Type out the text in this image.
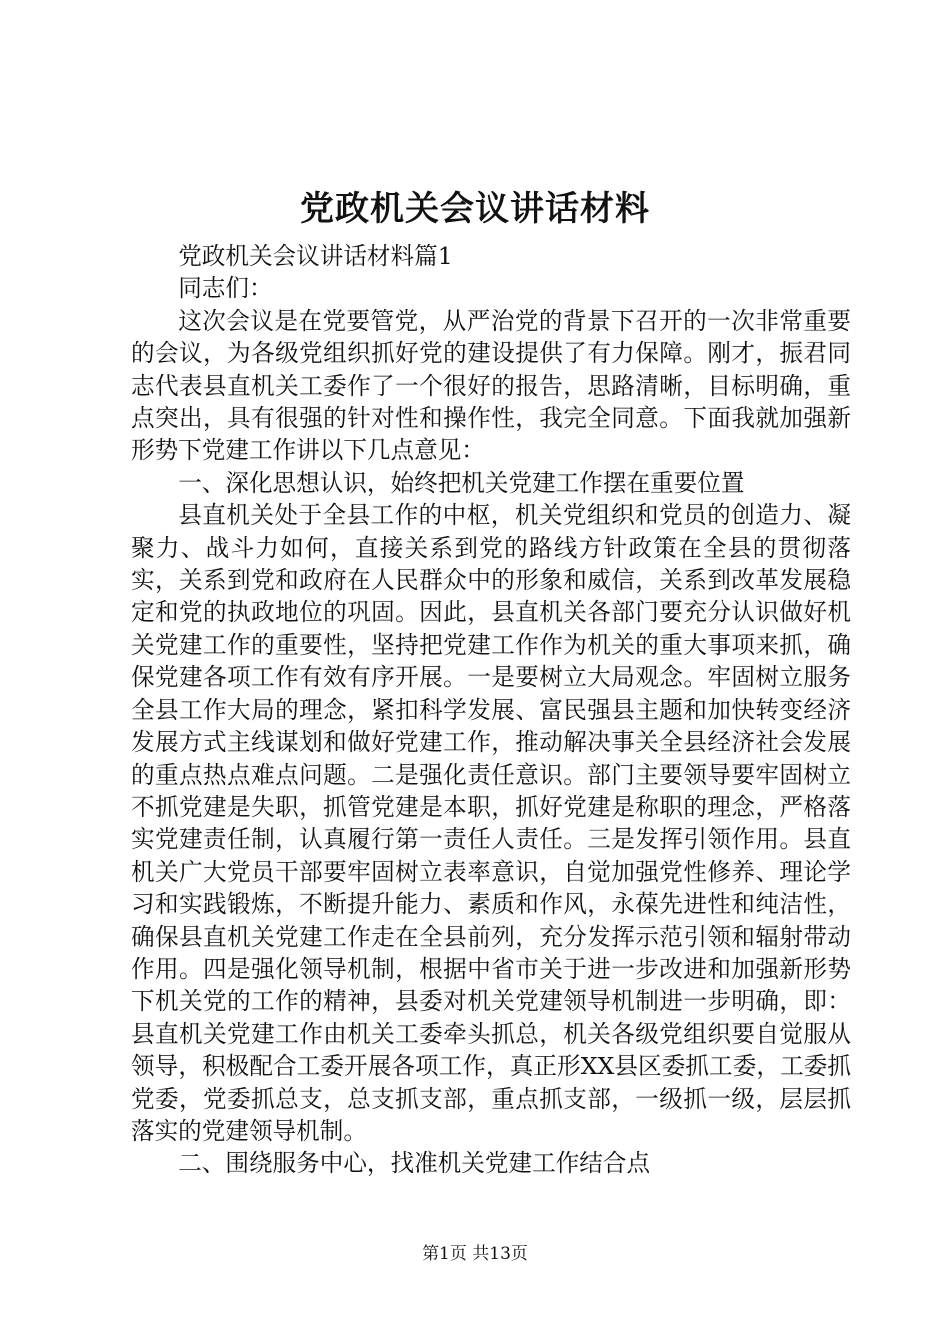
党政机关会议讲话材料

党政机关会议讲话材料篇1

同志们：

这次会议是在党要管党，从严治党的背景下召开的一次非常重要的会议，为各级党组织抓好党的建设提供了有力保障。刚才，振君同志代表县直机关工委作了一个很好的报告，思路清晰，目标明确，重点突出，具有很强的针对性和操作性，我完全同意。下面我就加强新形势下党建工作讲以下几点意见：

一、深化思想认识，始终把机关党建工作摆在重要位置

县直机关处于全县工作的中枢，机关党组织和党员的创造力、凝聚力、战斗力如何，直接关系到党的路线方针政策在全县的贯彻落实，关系到党和政府在人民群众中的形象和威信，关系到改革发展稳定和党的执政地位的巩固。因此，县直机关各部门要充分认识做好机关党建工作的重要性，坚持把党建工作作为机关的重大事项来抓，确保党建各项工作有效有序开展。一是要树立大局观念。牢固树立服务全县工作大局的理念，紧扣科学发展、富民强县主题和加快转变经济发展方式主线谋划和做好党建工作，推动解决事关全县经济社会发展的重点热点难点问题。二是强化责任意识。部门主要领导要牢固树立不抓党建是失职，抓管党建是本职，抓好党建是称职的理念，严格落实党建责任制，认真履行第一责任人责任。三是发挥引领作用。县直机关广大党员干部要牢固树立表率意识，自觉加强党性修养、理论学习和实践锻炼，不断提升能力、素质和作风，永葆先进性和纯洁性，确保县直机关党建工作走在全县前列，充分发挥示范引领和辐射带动作用。四是强化领导机制，根据中省市关于进一步改进和加强新形势下机关党的工作的精神，县委对机关党建领导机制进一步明确，即：县直机关党建工作由机关工委牵头抓总，机关各级党组织要自觉服从领导，积极配合工委开展各项工作，真正形XX县区委抓工委，工委抓党委，党委抓总支，总支抓支部，重点抓支部，一级抓一级，层层抓落实的党建领导机制。

二、围绕服务中心，找准机关党建工作结合点

第1页 共13页
